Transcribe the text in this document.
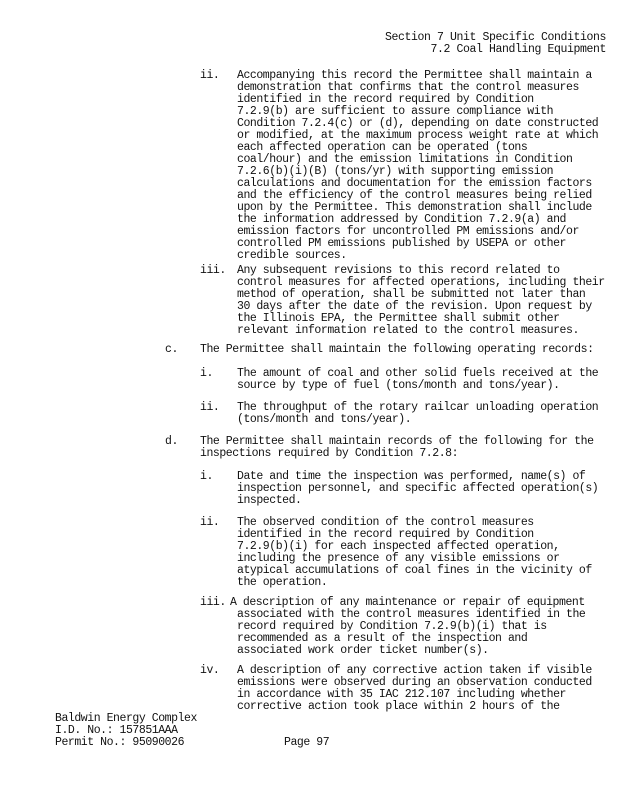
Section 7 Unit Specific Conditions
7.2 Coal Handling Equipment
ii. Accompanying this record the Permittee shall maintain a
demonstration that confirms that the control measures
identified in the record required by Condition
7.2.9(b) are sufficient to assure compliance with
Condition 7.2.4(c) or (d), depending on date constructed
or modified, at the maximum process weight rate at which
each affected operation can be operated (tons
coal/hour) and the emission limitations in Condition
7.2.6(b)(i)(B) (tons/yr) with supporting emission
calculations and documentation for the emission factors
and the efficiency of the control measures being relied
upon by the Permittee. This demonstration shall include
the information addressed by Condition 7.2.9(a) and
emission factors for uncontrolled PM emissions and/or
controlled PM emissions published by USEPA or other
credible sources.
iii. Any subsequent revisions to this record related to
control measures for affected operations, including their
method of operation, shall be submitted not later than
30 days after the date of the revision. Upon request by
the Illinois EPA, the Permittee shall submit other
relevant information related to the control measures.
c. The Permittee shall maintain the following operating records:
i. The amount of coal and other solid fuels received at the
source by type of fuel (tons/month and tons/year).
ii. The throughput of the rotary railcar unloading operation
(tons/month and tons/year).
d. The Permittee shall maintain records of the following for the
inspections required by Condition 7.2.8:
i. Date and time the inspection was performed, name(s) of
inspection personnel, and specific affected operation(s)
inspected.
ii. The observed condition of the control measures
identified in the record required by Condition
7.2.9(b)(i) for each inspected affected operation,
including the presence of any visible emissions or
atypical accumulations of coal fines in the vicinity of
the operation.
iii. A description of any maintenance or repair of equipment
associated with the control measures identified in the
record required by Condition 7.2.9(b)(i) that is
recommended as a result of the inspection and
associated work order ticket number(s).
iv. A description of any corrective action taken if visible
emissions were observed during an observation conducted
in accordance with 35 IAC 212.107 including whether
corrective action took place within 2 hours of the
Baldwin Energy Complex
I.D. No.: 157851AAA
Permit No.: 95090026	Page 97
